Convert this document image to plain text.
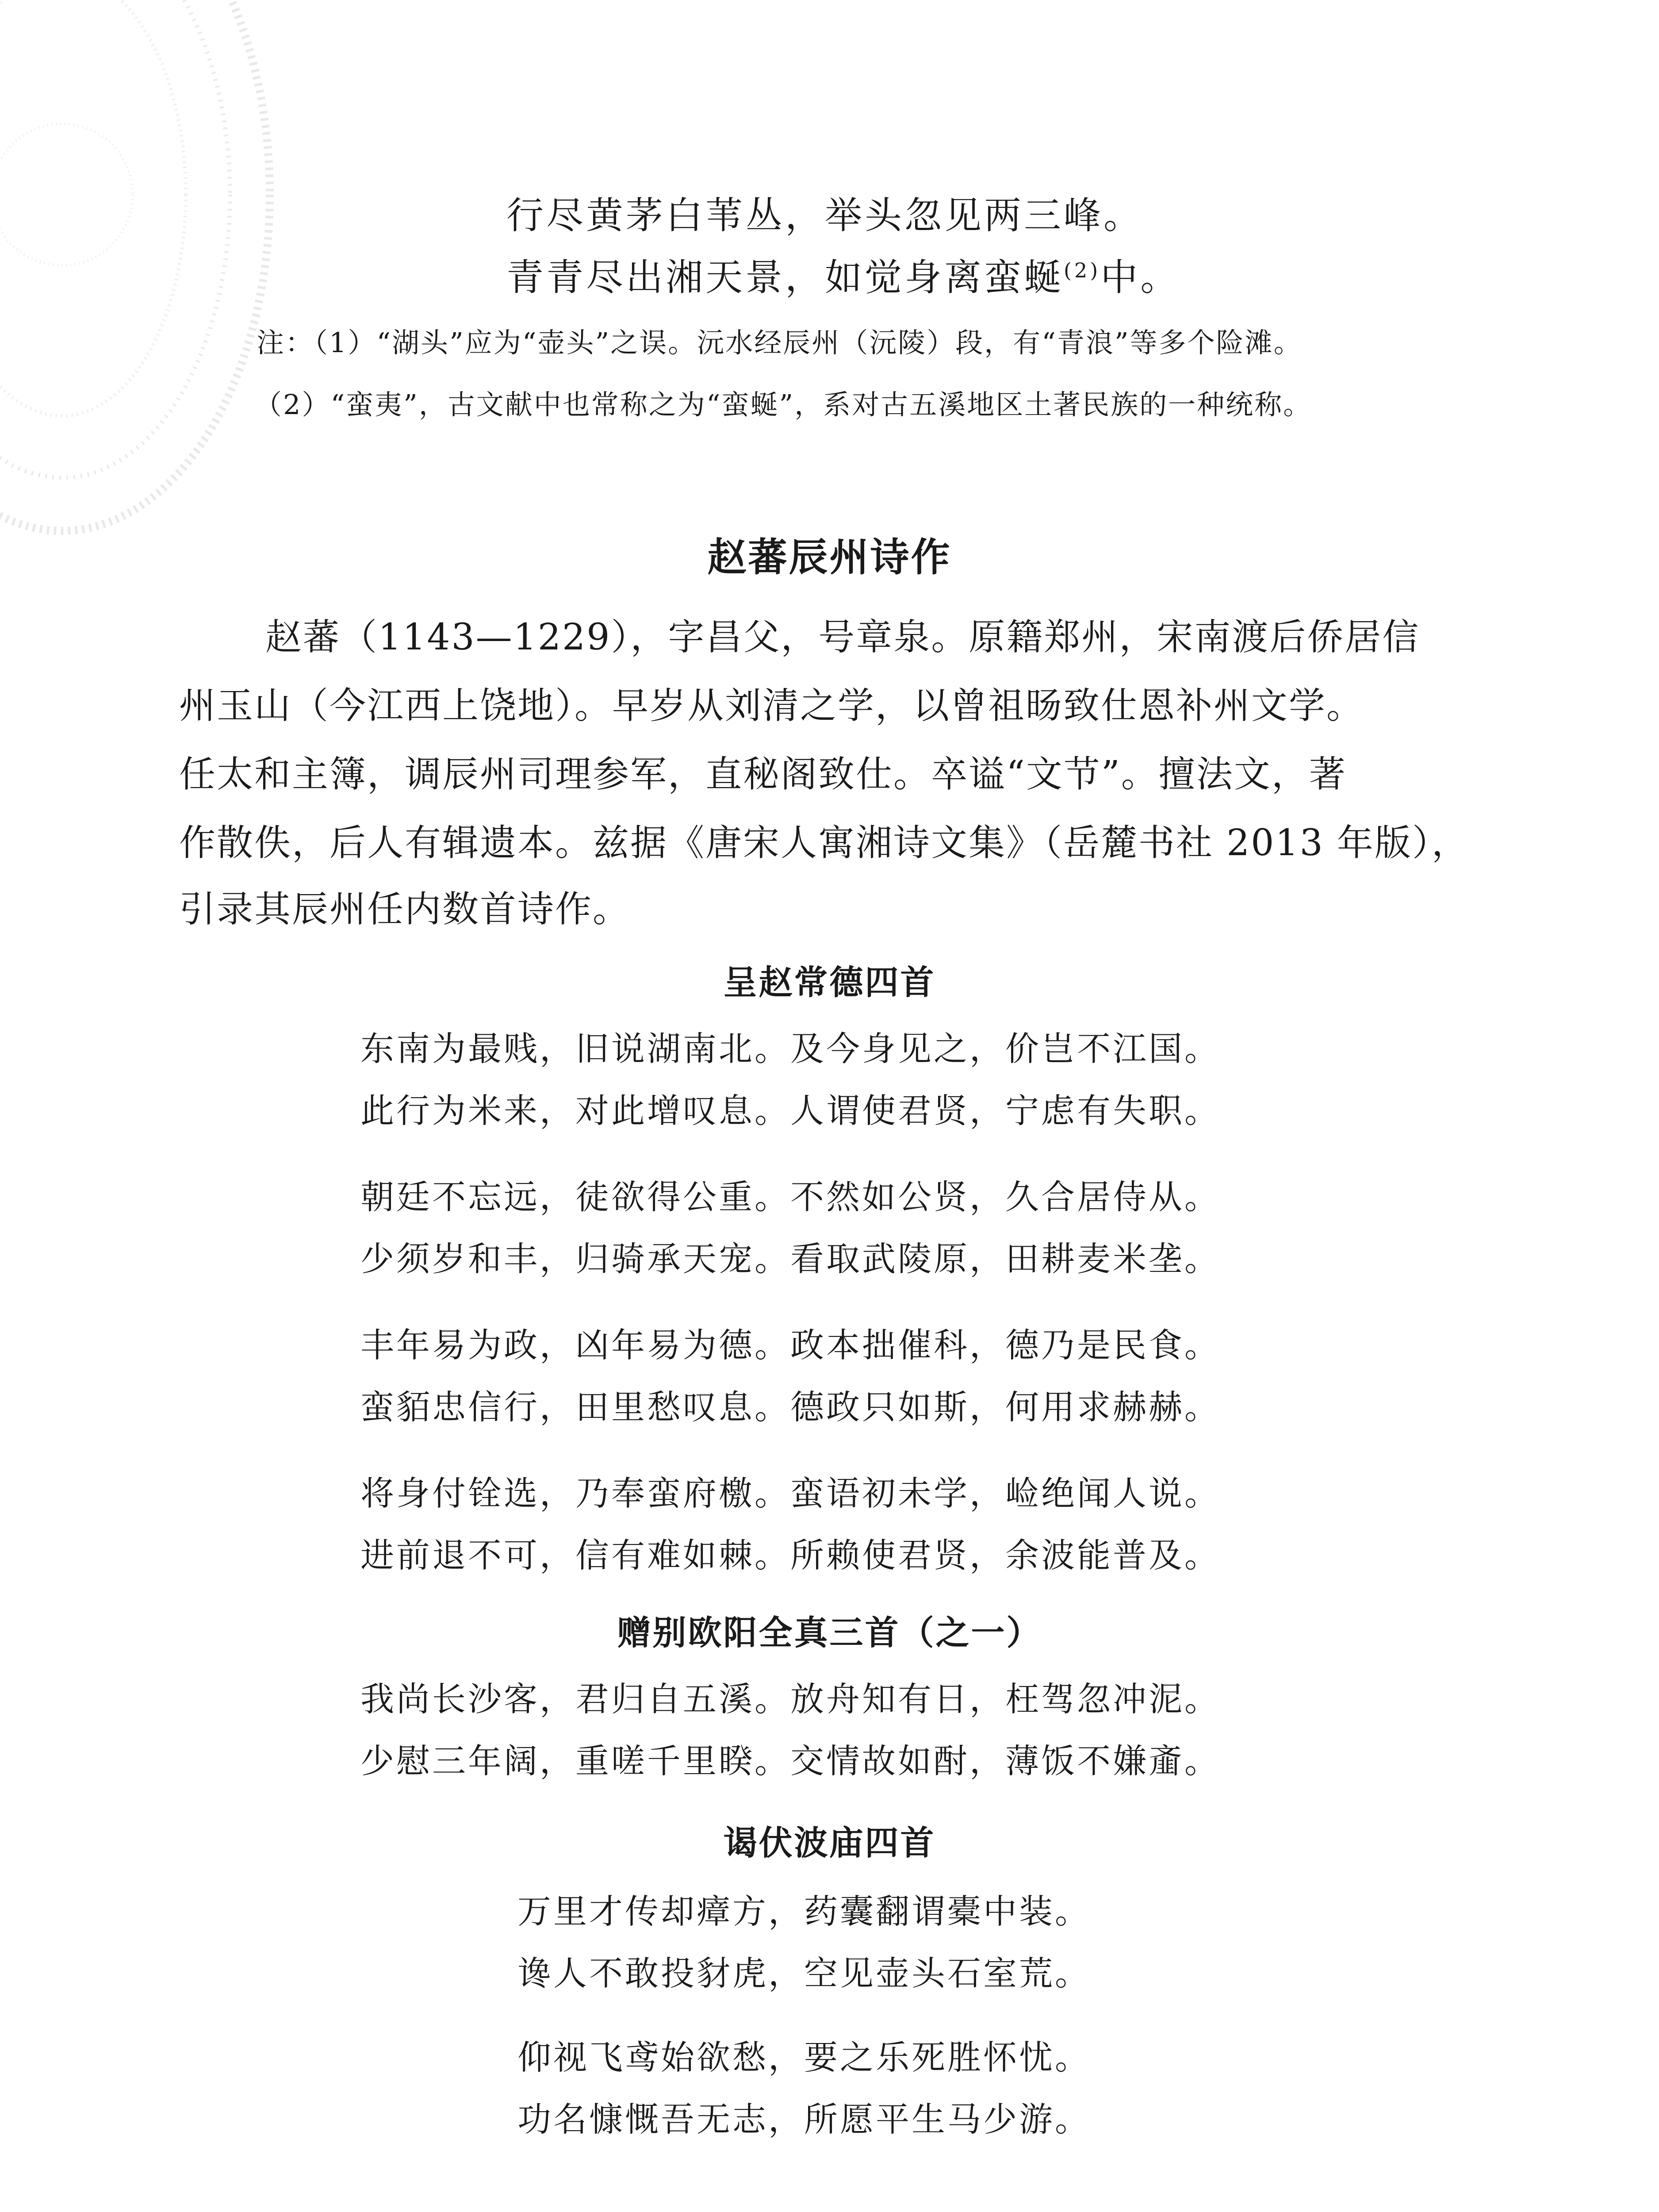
行尽黄茅白苇丛，举头忽见两三峰。
青青尽出湘天景，如觉身离蛮蜒$^{(2)}$中。
注：（1）“湖头”应为“壶头”之误。沅水经辰州（沅陵）段，有“青浪”等多个险滩。
（2）“蛮夷”，古文献中也常称之为“蛮蜒”，系对古五溪地区土著民族的一种统称。
赵蕃辰州诗作
赵蕃（1143—1229），字昌父，号章泉。原籍郑州，宋南渡后侨居信
州玉山（今江西上饶地）。早岁从刘清之学，以曾祖旸致仕恩补州文学。
任太和主簿，调辰州司理参军，直秘阁致仕。卒谥“文节”。擅法文，著
作散佚，后人有辑遗本。兹据《唐宋人寓湘诗文集》（岳麓书社 2013 年版），
引录其辰州任内数首诗作。
呈赵常德四首
东南为最贱，旧说湖南北。及今身见之，价岂不江国。
此行为米来，对此增叹息。人谓使君贤，宁虑有失职。
朝廷不忘远，徒欲得公重。不然如公贤，久合居侍从。
少须岁和丰，归骑承天宠。看取武陵原，田耕麦米垄。
丰年易为政，凶年易为德。政本拙催科，德乃是民食。
蛮貊忠信行，田里愁叹息。德政只如斯，何用求赫赫。
将身付铨选，乃奉蛮府檄。蛮语初未学，崄绝闻人说。
进前退不可，信有难如棘。所赖使君贤，余波能普及。
赠别欧阳全真三首（之一）
我尚长沙客，君归自五溪。放舟知有日，枉驾忽冲泥。
少慰三年阔，重嗟千里睽。交情故如酎，薄饭不嫌齑。
谒伏波庙四首
万里才传却瘴方，药囊翻谓橐中装。
谗人不敢投豺虎，空见壶头石室荒。
仰视飞鸢始欲愁，要之乐死胜怀忧。
功名慷慨吾无志，所愿平生马少游。
